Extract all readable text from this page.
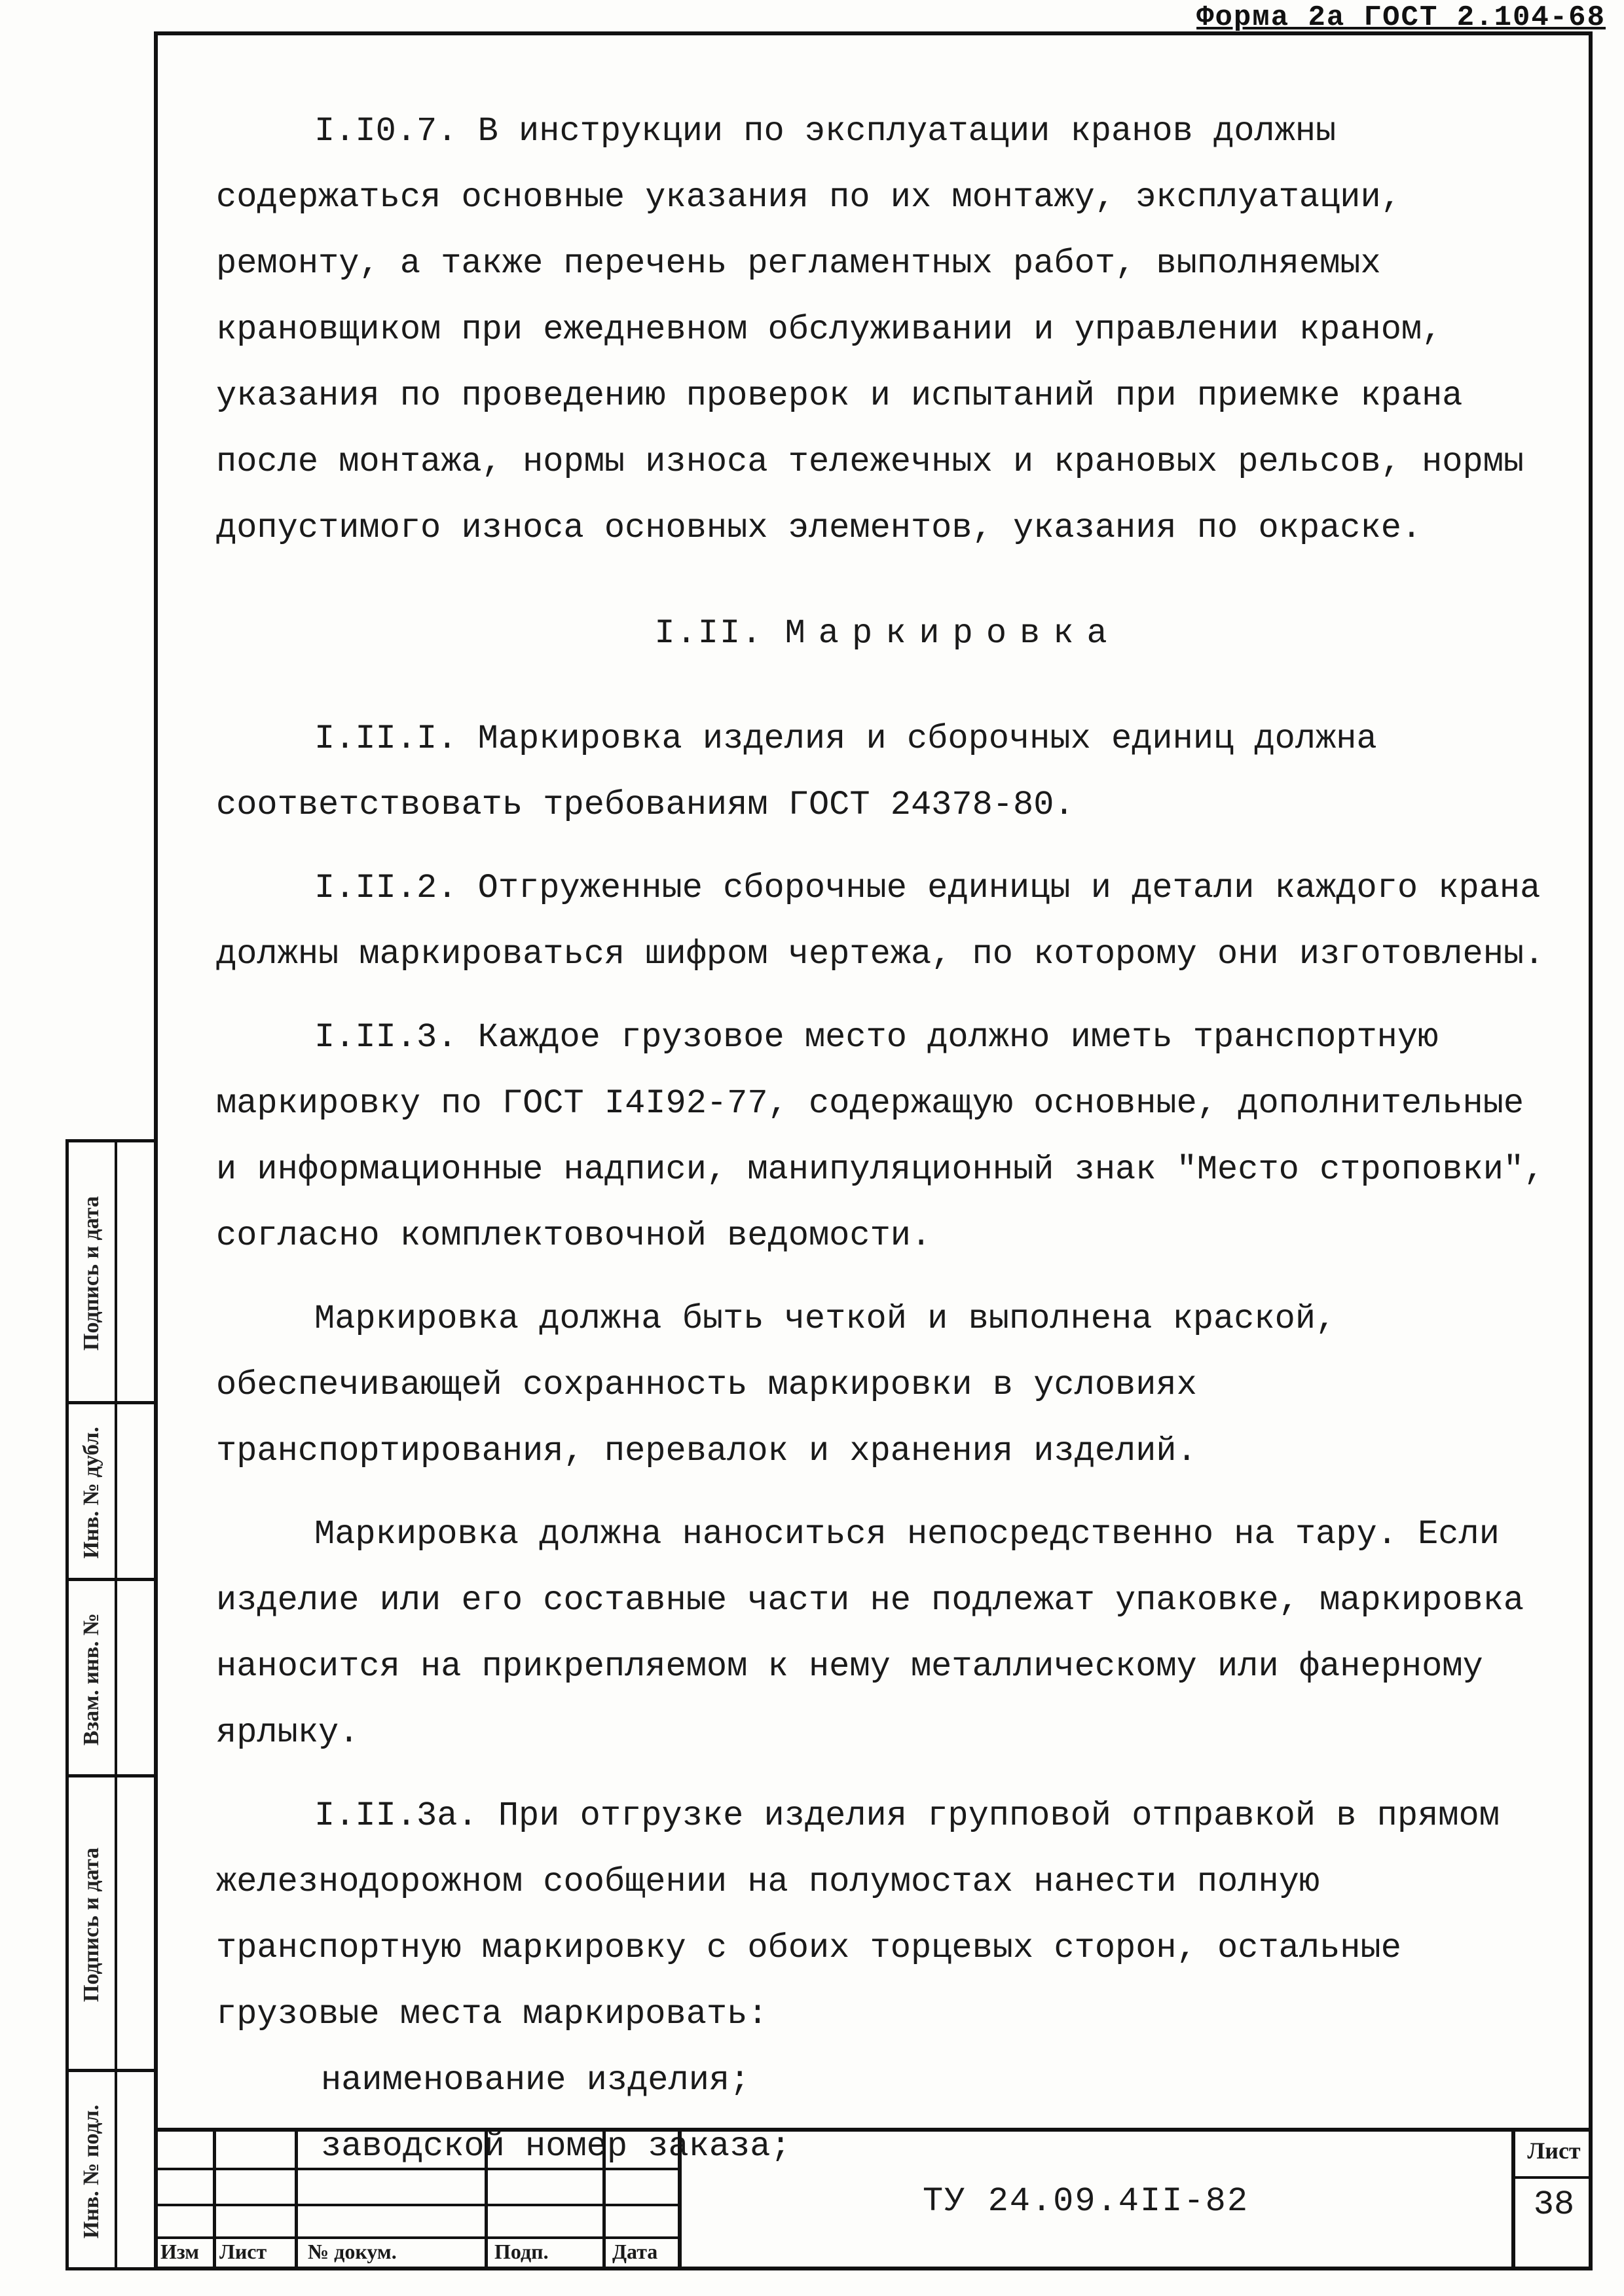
Форма 2а ГОСТ 2.104-68
Подпись и дата
Инв. № дубл.
Взам. инв. №
Подпись и дата
Инв. № подл.

I.I0.7. В инструкции по эксплуатации кранов должны содержаться основные указания по их монтажу, эксплуатации, ремонту, а также перечень регламентных работ, выполняемых крановщиком при ежедневном обслуживании и управлении краном, указания по проведению проверок и испытаний при приемке крана после монтажа, нормы износа тележечных и крановых рельсов, нормы допустимого износа основных элементов, указания по окраске.

I.II. Маркировка

I.II.I. Маркировка изделия и сборочных единиц должна соответствовать требованиям ГОСТ 24378-80.

I.II.2. Отгруженные сборочные единицы и детали каждого крана должны маркироваться шифром чертежа, по которому они изготовлены.

I.II.3. Каждое грузовое место должно иметь транспортную маркировку по ГОСТ I4I92-77, содержащую основные, дополнительные и информационные надписи, манипуляционный знак "Место строповки", согласно комплектовочной ведомости.

Маркировка должна быть четкой и выполнена краской, обеспечивающей сохранность маркировки в условиях транспортирования, перевалок и хранения изделий.

Маркировка должна наноситься непосредственно на тару. Если изделие или его составные части не подлежат упаковке, маркировка наносится на прикрепляемом к нему металлическому или фанерному ярлыку.

I.II.3а. При отгрузке изделия групповой отправкой в прямом железнодорожном сообщении на полумостах нанести полную транспортную маркировку с обоих торцевых сторон, остальные грузовые места маркировать:

наименование изделия;

заводской номер заказа;

Изм Лист № докум.	Подп.	Дата
ТУ 24.09.4II-82
Лист
38
